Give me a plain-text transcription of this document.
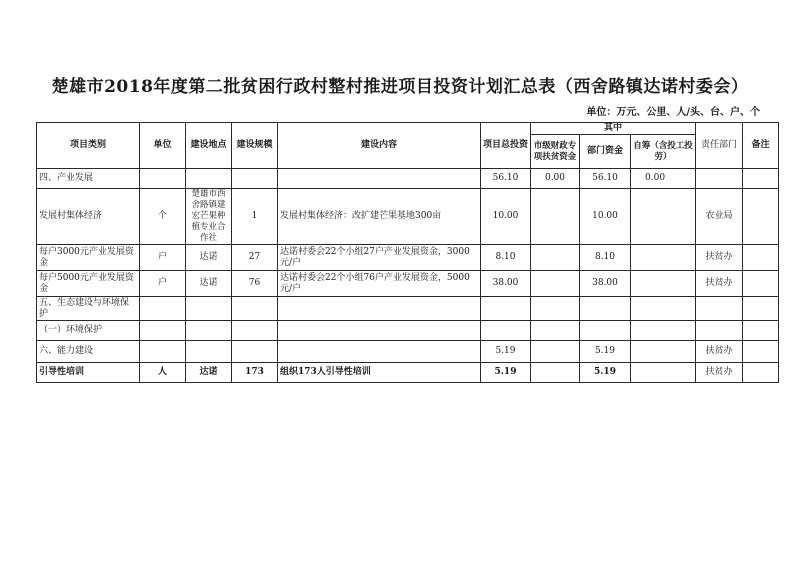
楚雄市2018年度第二批贫困行政村整村推进项目投资计划汇总表（西舍路镇达诺村委会）
单位：万元、公里、人/头、台、户、个
项目类别	单位	建设地点	建设规模	建设内容	项目总投资	其中			责任部门	备注
						市级财政专项扶贫资金	部门资金	自筹（含投工投劳）		
四、产业发展					56.10	0.00	56.10	0.00		
发展村集体经济	个	楚雄市西舍路镇建宏芒果种植专业合作社	1	发展村集体经济：改扩建芒果基地300亩	10.00		10.00		农业局	
每户3000元产业发展资金	户	达诺	27	达诺村委会22个小组27户产业发展资金，3000元/户	8.10		8.10		扶贫办	
每户5000元产业发展资金	户	达诺	76	达诺村委会22个小组76户产业发展资金，5000元/户	38.00		38.00		扶贫办	
五、生态建设与环境保护										
（一）环境保护										
六、能力建设					5.19		5.19		扶贫办	
引导性培训	人	达诺	173	组织173人引导性培训	5.19		5.19		扶贫办	
